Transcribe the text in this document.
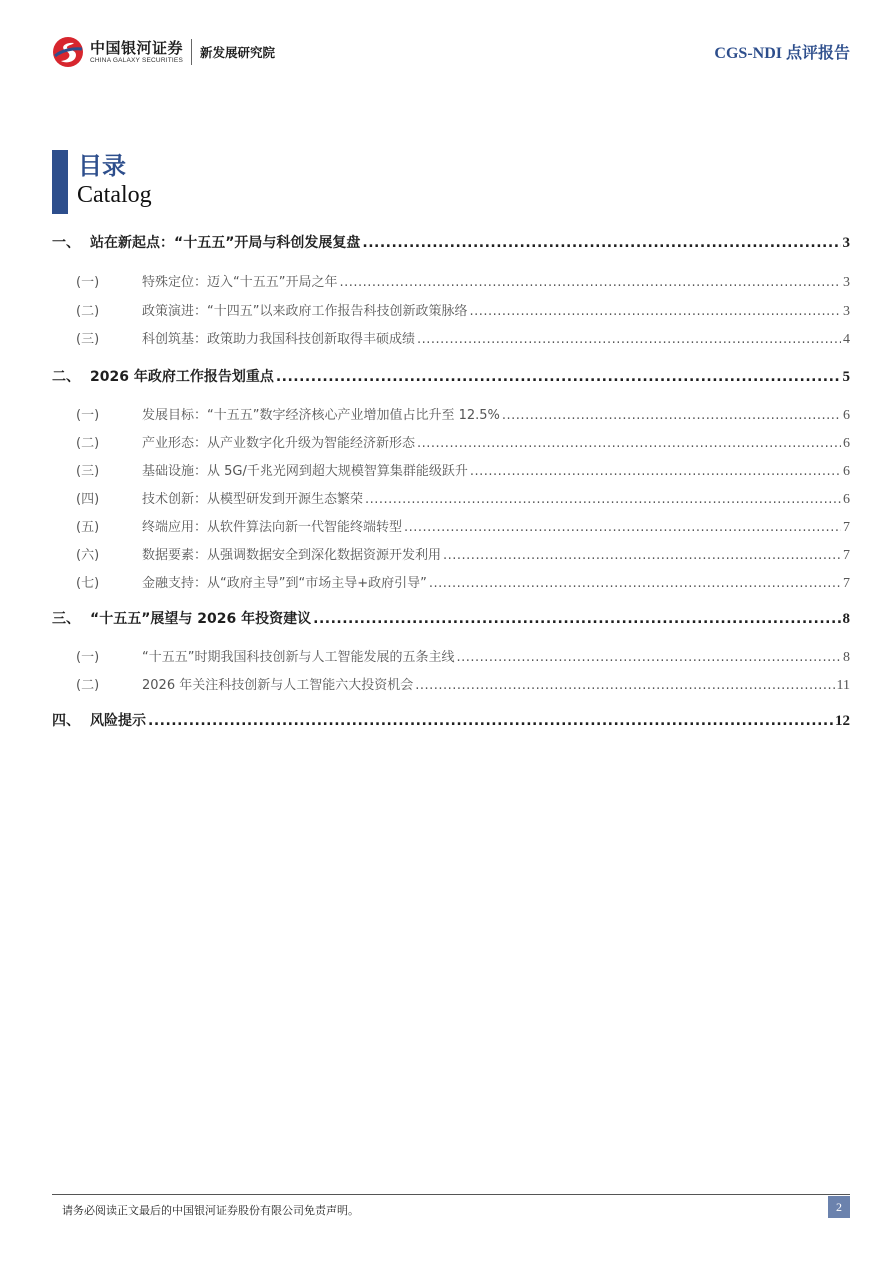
中国银河证券
CHINA GALAXY SECURITIES
新发展研究院	CGS-NDI 点评报告
目录
Catalog
一、 站在新起点：“十五五”开局与科创发展复盘 .....	3
(一)	特殊定位：迈入“十五五”开局之年 .....	3
(二)	政策演进：“十四五”以来政府工作报告科技创新政策脉络 .....	3
(三)	科创筑基：政策助力我国科技创新取得丰硕成绩 .....	4
二、 2026 年政府工作报告划重点 .....	5
(一)	发展目标：“十五五”数字经济核心产业增加值占比升至 12.5% .....	6
(二)	产业形态：从产业数字化升级为智能经济新形态 .....	6
(三)	基础设施：从 5G/千兆光网到超大规模智算集群能级跃升 .....	6
(四)	技术创新：从模型研发到开源生态繁荣 .....	6
(五)	终端应用：从软件算法向新一代智能终端转型 .....	7
(六)	数据要素：从强调数据安全到深化数据资源开发利用 .....	7
(七)	金融支持：从“政府主导”到“市场主导+政府引导” .....	7
三、 “十五五”展望与 2026 年投资建议 .....	8
(一)	“十五五”时期我国科技创新与人工智能发展的五条主线 .....	8
(二)	2026 年关注科技创新与人工智能六大投资机会 .....	11
四、 风险提示 .....	12
请务必阅读正文最后的中国银河证券股份有限公司免责声明。	2
